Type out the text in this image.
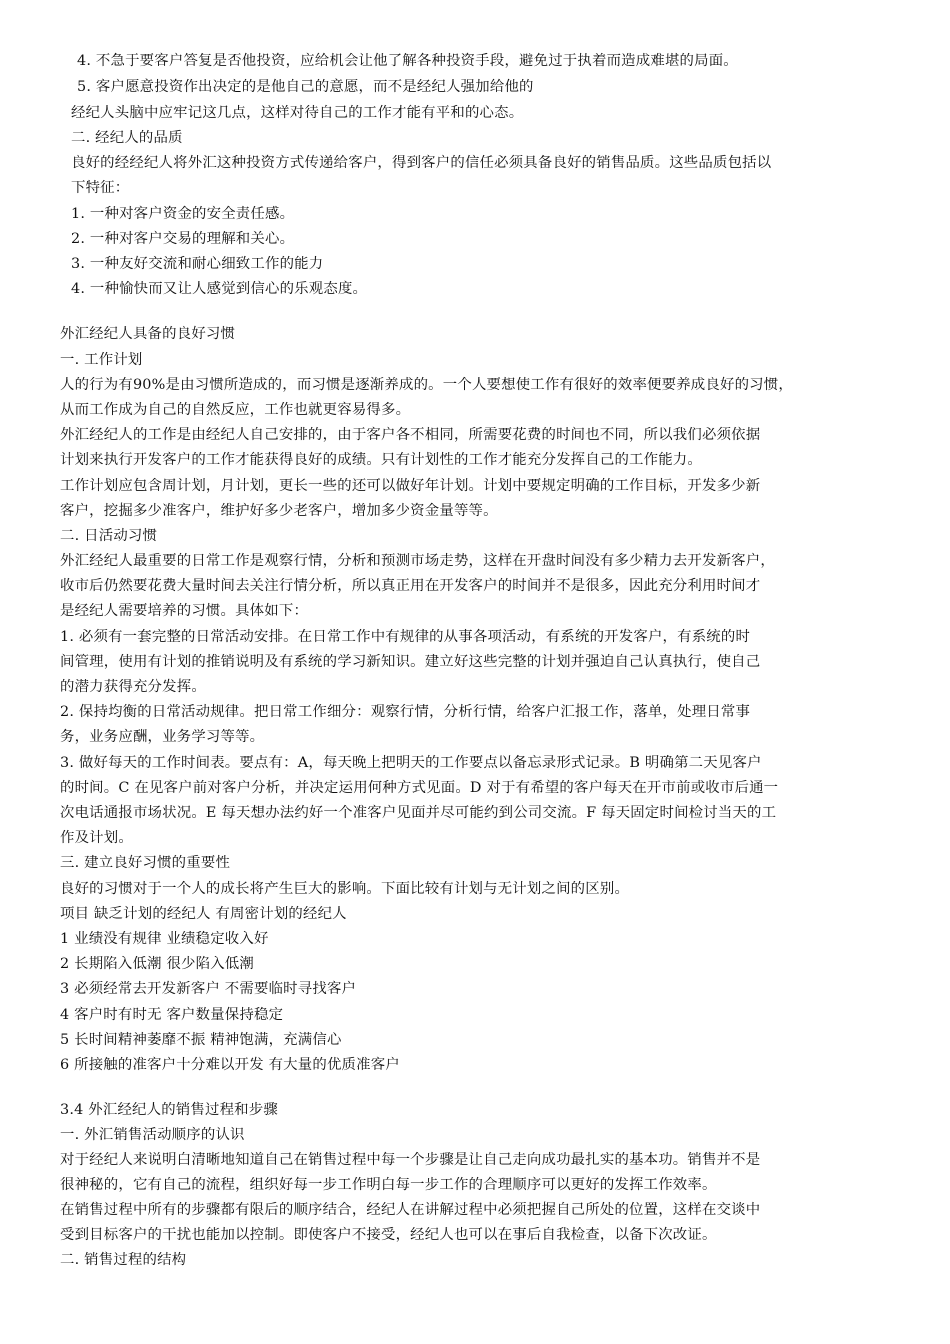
4. 不急于要客户答复是否他投资，应给机会让他了解各种投资手段，避免过于执着而造成难堪的局面。

5. 客户愿意投资作出决定的是他自己的意愿，而不是经纪人强加给他的

经纪人头脑中应牢记这几点，这样对待自己的工作才能有平和的心态。

二. 经纪人的品质

良好的经经纪人将外汇这种投资方式传递给客户，得到客户的信任必须具备良好的销售品质。这些品质包括以

下特征：

1. 一种对客户资金的安全责任感。

2. 一种对客户交易的理解和关心。

3. 一种友好交流和耐心细致工作的能力

4. 一种愉快而又让人感觉到信心的乐观态度。

外汇经纪人具备的良好习惯

一. 工作计划

人的行为有90%是由习惯所造成的，而习惯是逐渐养成的。一个人要想使工作有很好的效率便要养成良好的习惯，

从而工作成为自己的自然反应，工作也就更容易得多。

外汇经纪人的工作是由经纪人自己安排的，由于客户各不相同，所需要花费的时间也不同，所以我们必须依据

计划来执行开发客户的工作才能获得良好的成绩。只有计划性的工作才能充分发挥自己的工作能力。

工作计划应包含周计划，月计划，更长一些的还可以做好年计划。计划中要规定明确的工作目标，开发多少新

客户，挖掘多少准客户，维护好多少老客户，增加多少资金量等等。

二. 日活动习惯

外汇经纪人最重要的日常工作是观察行情，分析和预测市场走势，这样在开盘时间没有多少精力去开发新客户，

收市后仍然要花费大量时间去关注行情分析，所以真正用在开发客户的时间并不是很多，因此充分利用时间才

是经纪人需要培养的习惯。具体如下：

1. 必须有一套完整的日常活动安排。在日常工作中有规律的从事各项活动，有系统的开发客户，有系统的时

间管理，使用有计划的推销说明及有系统的学习新知识。建立好这些完整的计划并强迫自己认真执行，使自己

的潜力获得充分发挥。

2. 保持均衡的日常活动规律。把日常工作细分：观察行情，分析行情，给客户汇报工作，落单，处理日常事

务，业务应酬，业务学习等等。

3. 做好每天的工作时间表。要点有：A，每天晚上把明天的工作要点以备忘录形式记录。B 明确第二天见客户

的时间。C 在见客户前对客户分析，并决定运用何种方式见面。D 对于有希望的客户每天在开市前或收市后通一

次电话通报市场状况。E 每天想办法约好一个准客户见面并尽可能约到公司交流。F 每天固定时间检讨当天的工

作及计划。

三. 建立良好习惯的重要性

良好的习惯对于一个人的成长将产生巨大的影响。下面比较有计划与无计划之间的区别。

项目 缺乏计划的经纪人 有周密计划的经纪人

1 业绩没有规律 业绩稳定收入好

2 长期陷入低潮 很少陷入低潮

3 必须经常去开发新客户 不需要临时寻找客户

4 客户时有时无 客户数量保持稳定

5 长时间精神萎靡不振 精神饱满，充满信心

6 所接触的准客户十分难以开发 有大量的优质准客户

3.4 外汇经纪人的销售过程和步骤

一. 外汇销售活动顺序的认识

对于经纪人来说明白清晰地知道自己在销售过程中每一个步骤是让自己走向成功最扎实的基本功。销售并不是

很神秘的，它有自己的流程，组织好每一步工作明白每一步工作的合理顺序可以更好的发挥工作效率。

在销售过程中所有的步骤都有限后的顺序结合，经纪人在讲解过程中必须把握自己所处的位置，这样在交谈中

受到目标客户的干扰也能加以控制。即使客户不接受，经纪人也可以在事后自我检查，以备下次改证。

二. 销售过程的结构
